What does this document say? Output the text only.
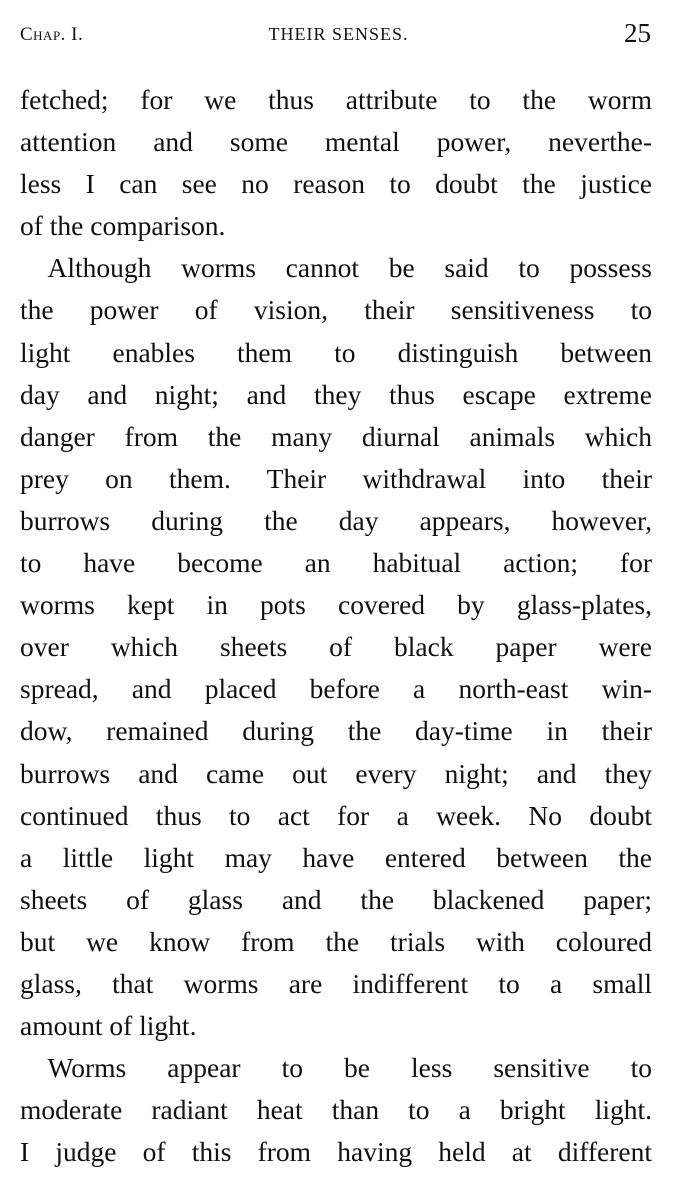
Chap. I.	THEIR SENSES.	25
fetched; for we thus attribute to the worm
attention and some mental power, neverthe-
less I can see no reason to doubt the justice
of the comparison.
 Although worms cannot be said to possess
the power of vision, their sensitiveness to
light enables them to distinguish between
day and night; and they thus escape extreme
danger from the many diurnal animals which
prey on them. Their withdrawal into their
burrows during the day appears, however,
to have become an habitual action; for
worms kept in pots covered by glass-plates,
over which sheets of black paper were
spread, and placed before a north-east win-
dow, remained during the day-time in their
burrows and came out every night; and they
continued thus to act for a week. No doubt
a little light may have entered between the
sheets of glass and the blackened paper;
but we know from the trials with coloured
glass, that worms are indifferent to a small
amount of light.
 Worms appear to be less sensitive to
moderate radiant heat than to a bright light.
I judge of this from having held at different
